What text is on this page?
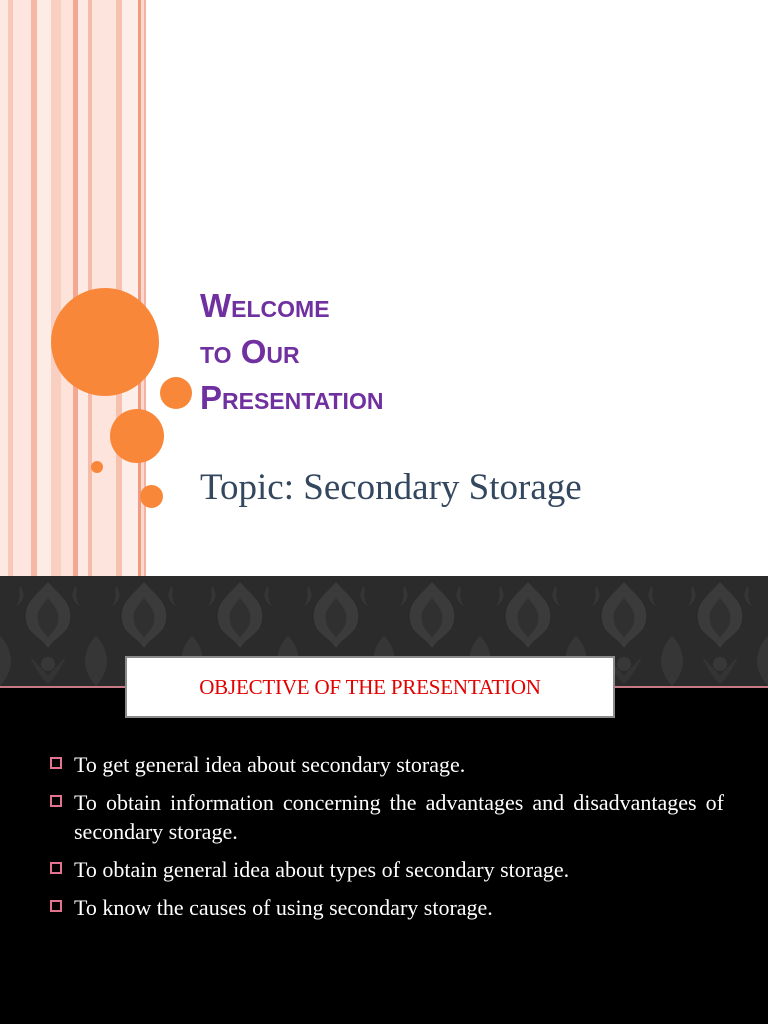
Welcome
to Our
Presentation
Topic: Secondary Storage
OBJECTIVE OF THE PRESENTATION
To get general idea about secondary storage.
To obtain information concerning the advantages and disadvantages of secondary storage.
To obtain general idea about types of secondary storage.
To know the causes of using secondary storage.
